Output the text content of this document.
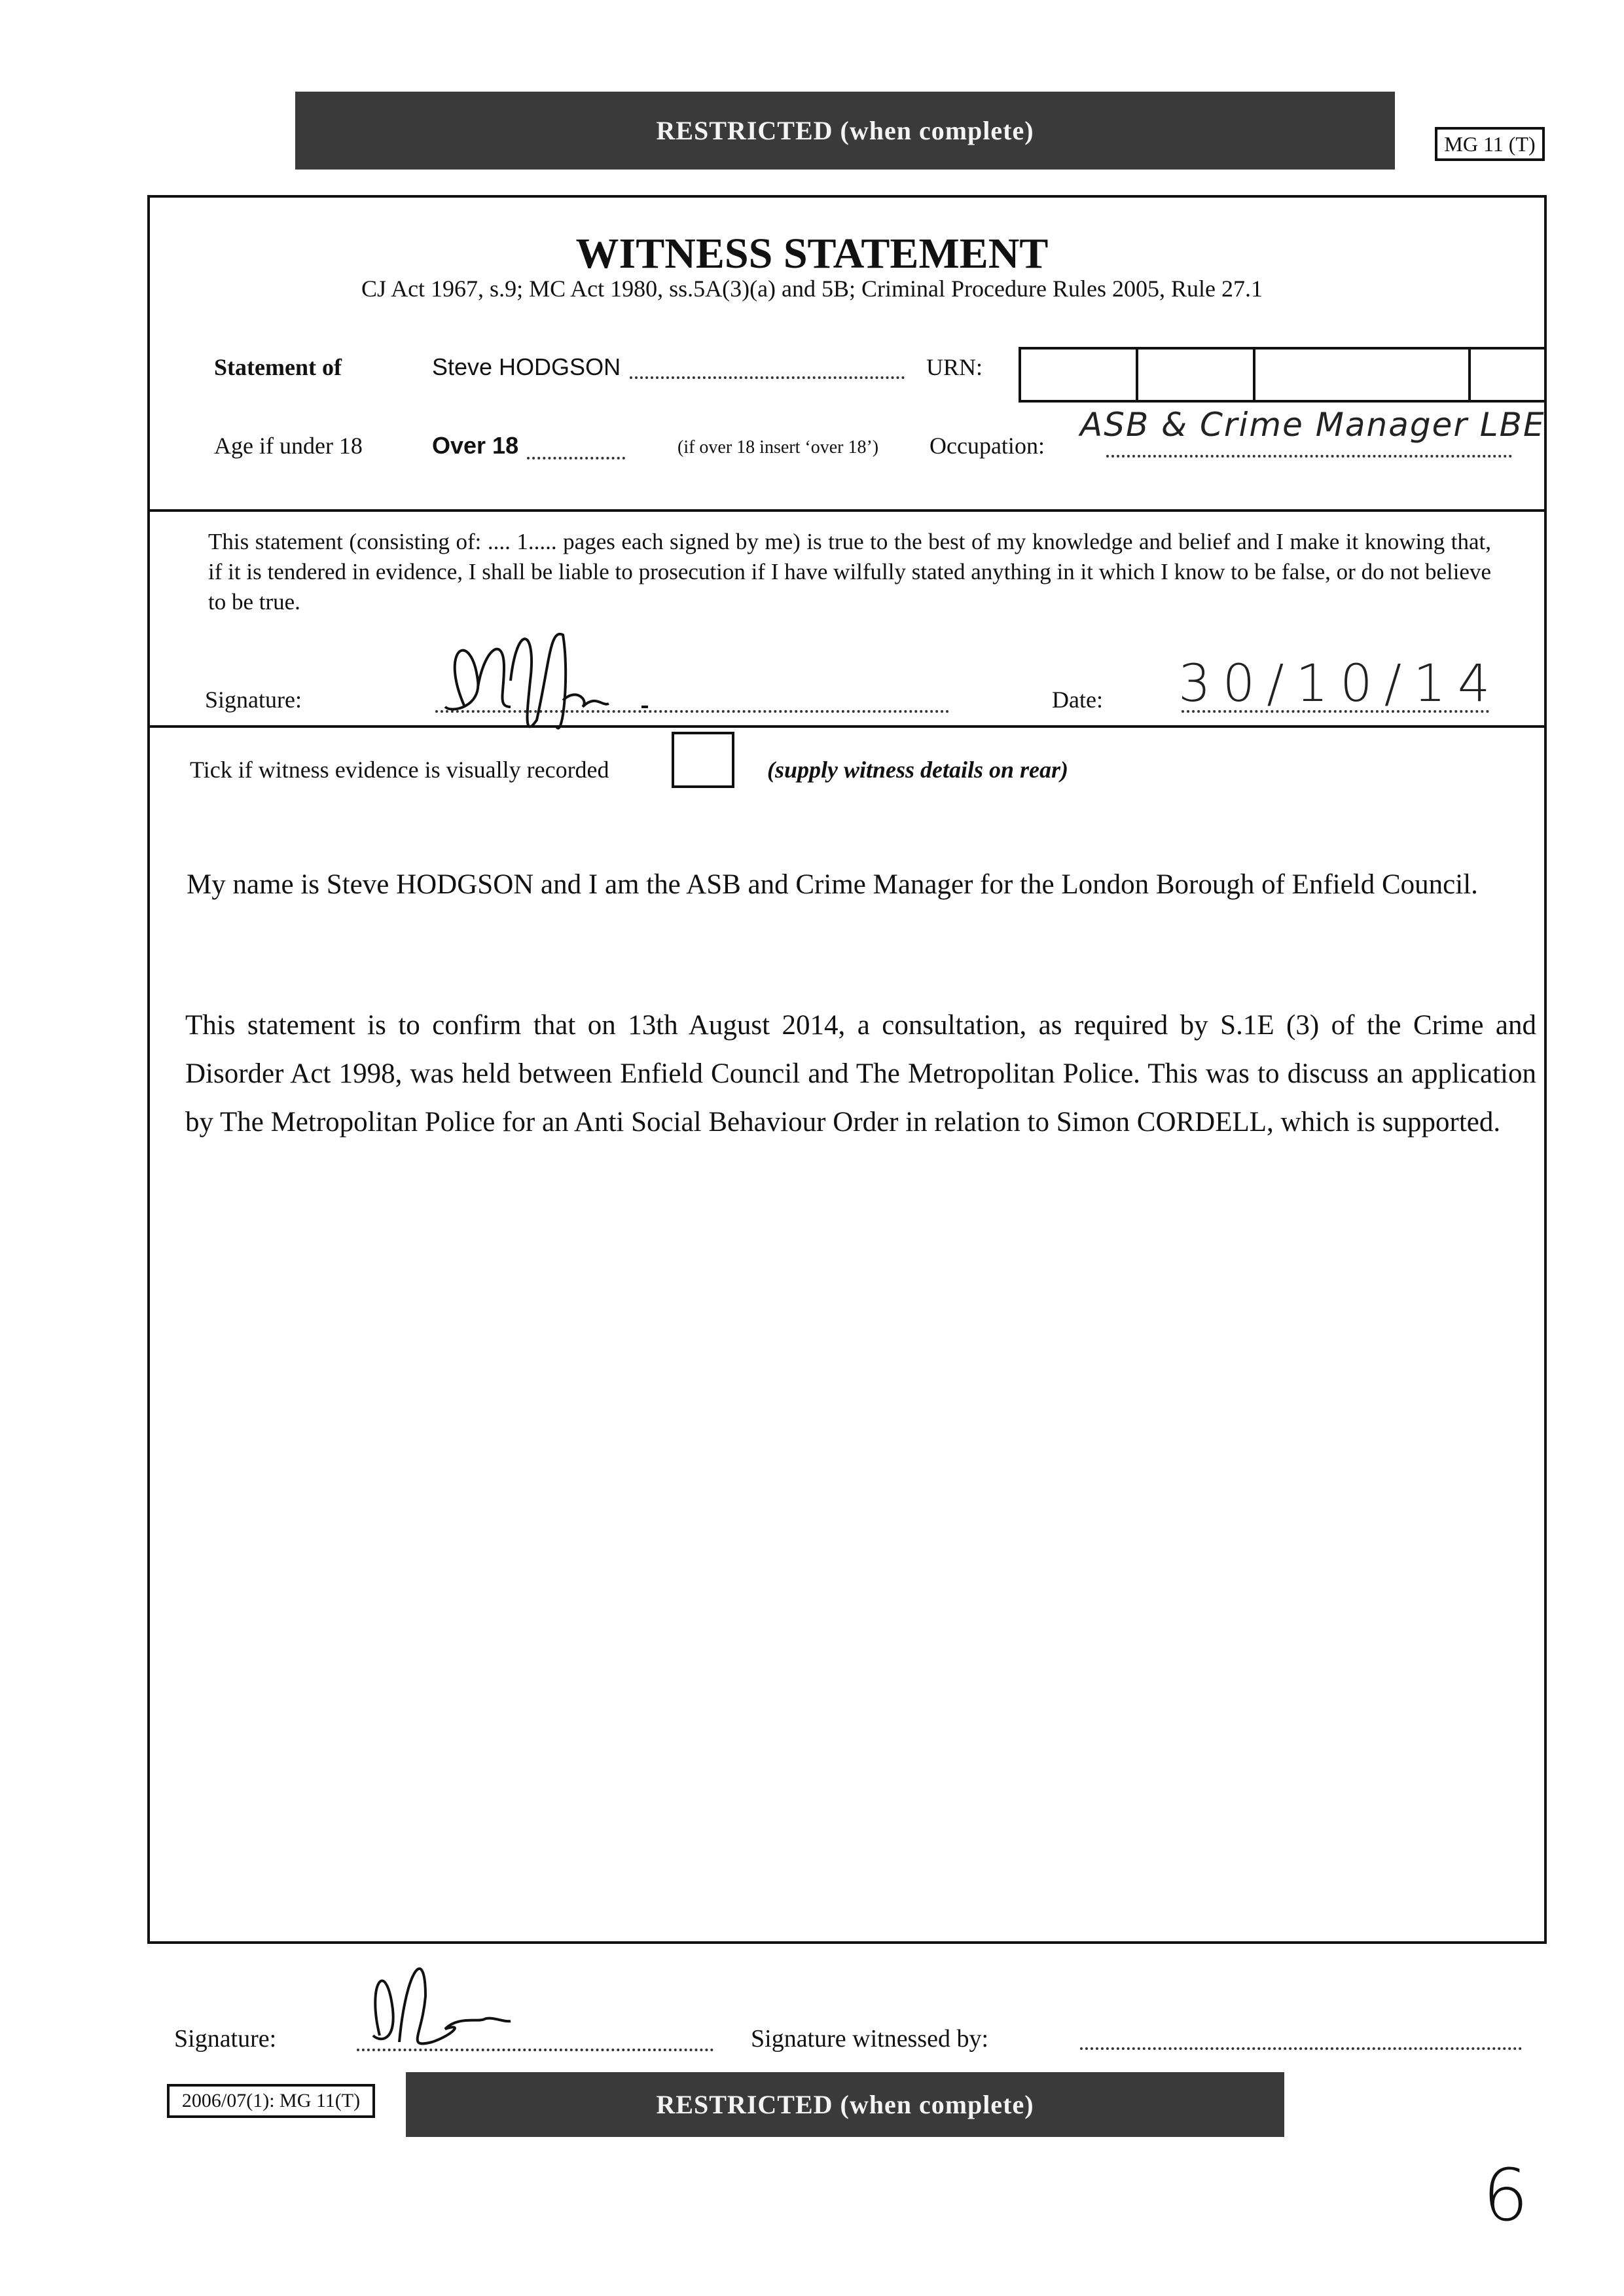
RESTRICTED (when complete)	MG 11 (T)
WITNESS STATEMENT
CJ Act 1967, s.9; MC Act 1980, ss.5A(3)(a) and 5B; Criminal Procedure Rules 2005, Rule 27.1
Statement of	Steve HODGSON	URN:
Age if under 18	Over 18	(if over 18 insert ‘over 18’) Occupation:
ASB & Crime Manager LBE
This statement (consisting of: .... 1..... pages each signed by me) is true to the best of my knowledge and belief and I make it knowing that, if it is tendered in evidence, I shall be liable to prosecution if I have wilfully stated anything in it which I know to be false, or do not believe to be true.
Signature:	Date: 30/10/14
Tick if witness evidence is visually recorded	(supply witness details on rear)
My name is Steve HODGSON and I am the ASB and Crime Manager for the London Borough of Enfield Council.
This statement is to confirm that on 13th August 2014, a consultation, as required by S.1E (3) of the Crime and Disorder Act 1998, was held between Enfield Council and The Metropolitan Police. This was to discuss an application by The Metropolitan Police for an Anti Social Behaviour Order in relation to Simon CORDELL, which is supported.
Signature:	Signature witnessed by:
2006/07(1): MG 11(T)	RESTRICTED (when complete)
6
